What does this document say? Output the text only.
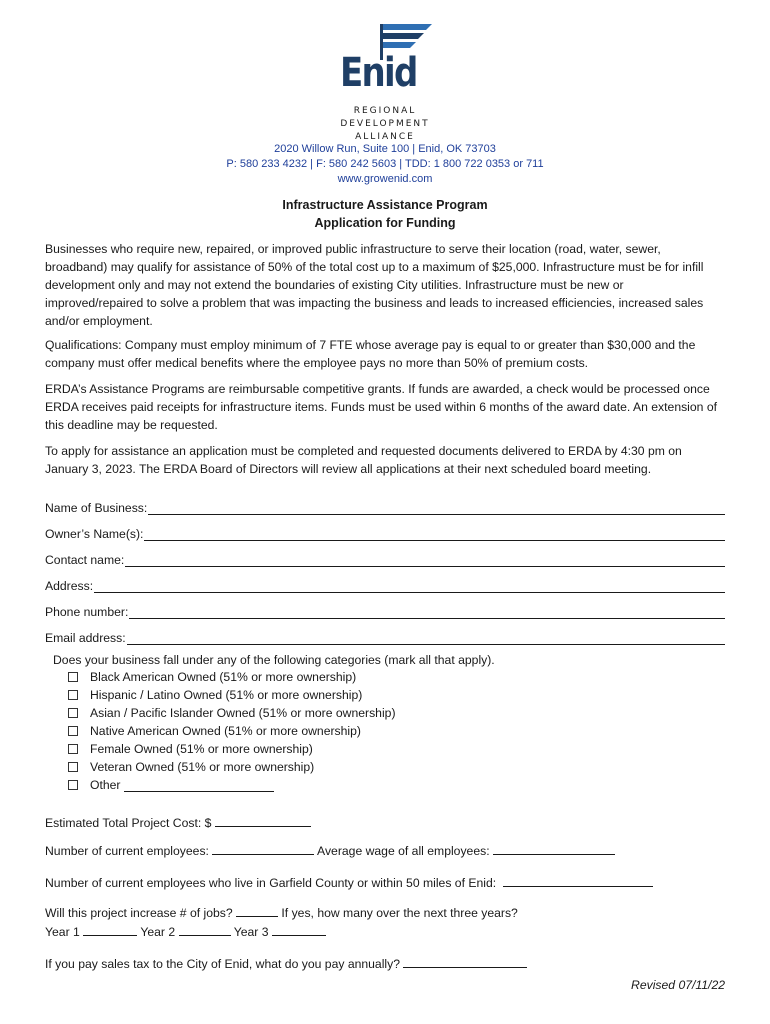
Enid
REGIONAL
DEVELOPMENT
ALLIANCE
2020 Willow Run, Suite 100 | Enid, OK 73703
P: 580 233 4232 | F: 580 242 5603 | TDD: 1 800 722 0353 or 711
www.growenid.com
Infrastructure Assistance Program
Application for Funding
Businesses who require new, repaired, or improved public infrastructure to serve their location (road, water, sewer, broadband) may qualify for assistance of 50% of the total cost up to a maximum of $25,000. Infrastructure must be for infill development only and may not extend the boundaries of existing City utilities. Infrastructure must be new or improved/repaired to solve a problem that was impacting the business and leads to increased efficiencies, increased sales and/or employment.
Qualifications: Company must employ minimum of 7 FTE whose average pay is equal to or greater than $30,000 and the company must offer medical benefits where the employee pays no more than 50% of premium costs.
ERDA’s Assistance Programs are reimbursable competitive grants. If funds are awarded, a check would be processed once ERDA receives paid receipts for infrastructure items. Funds must be used within 6 months of the award date. An extension of this deadline may be requested.
To apply for assistance an application must be completed and requested documents delivered to ERDA by 4:30 pm on January 3, 2023. The ERDA Board of Directors will review all applications at their next scheduled board meeting.
Name of Business:
Owner’s Name(s):
Contact name:
Address:
Phone number:
Email address:
Does your business fall under any of the following categories (mark all that apply).
Black American Owned (51% or more ownership)
Hispanic / Latino Owned (51% or more ownership)
Asian / Pacific Islander Owned (51% or more ownership)
Native American Owned (51% or more ownership)
Female Owned (51% or more ownership)
Veteran Owned (51% or more ownership)
Other

Estimated Total Project Cost: $
Number of current employees:	Average wage of all employees:
Number of current employees who live in Garfield County or within 50 miles of Enid:
Will this project increase # of jobs?	If yes, how many over the next three years?
Year 1	Year 2	Year 3
If you pay sales tax to the City of Enid, what do you pay annually?
Revised 07/11/22
